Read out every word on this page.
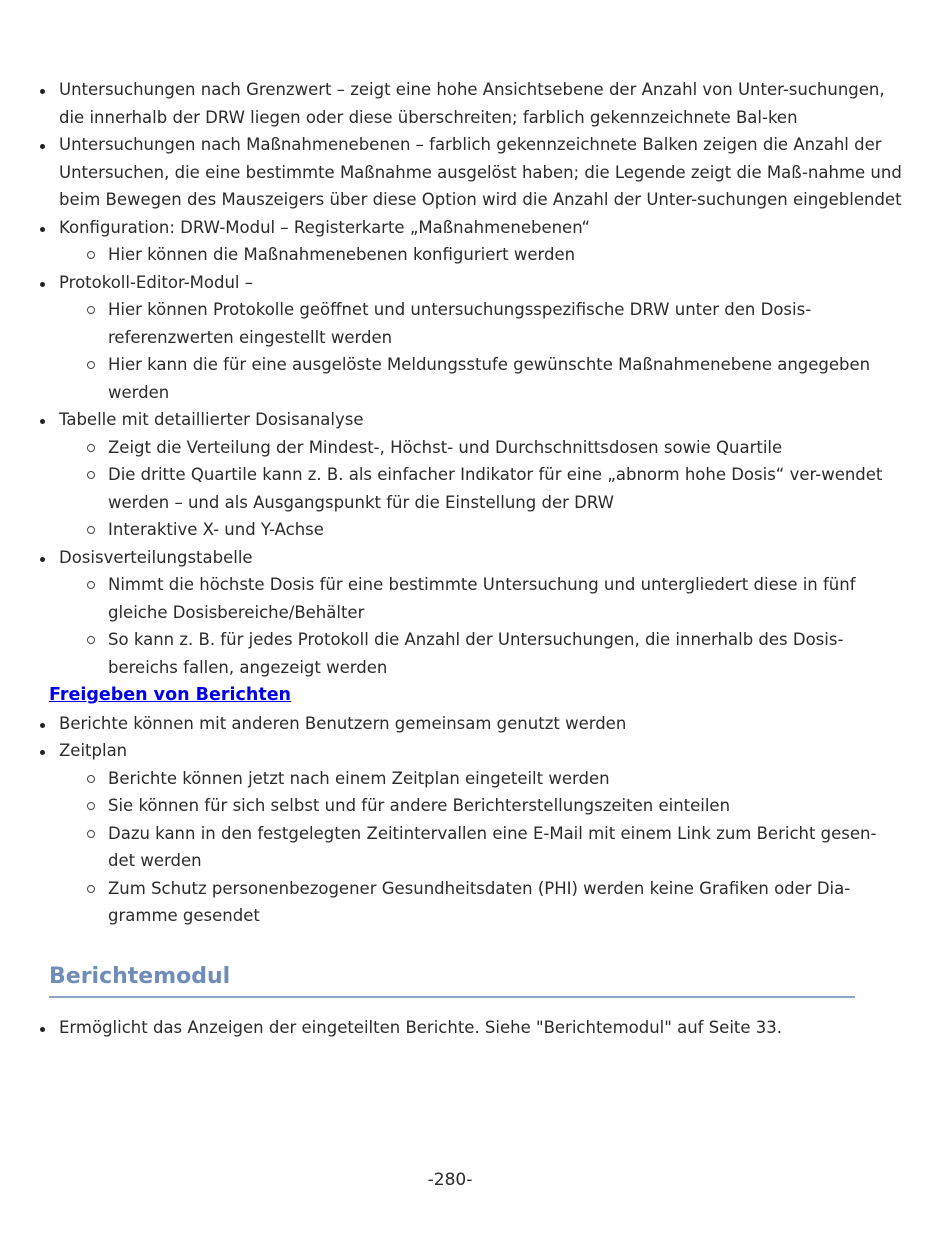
Untersuchungen nach Grenzwert – zeigt eine hohe Ansichtsebene der Anzahl von Unter-suchungen, die innerhalb der DRW liegen oder diese überschreiten; farblich gekennzeichnete Bal-ken
Untersuchungen nach Maßnahmenebenen – farblich gekennzeichnete Balken zeigen die Anzahl der Untersuchen, die eine bestimmte Maßnahme ausgelöst haben; die Legende zeigt die Maß-nahme und beim Bewegen des Mauszeigers über diese Option wird die Anzahl der Unter-suchungen eingeblendet
Konfiguration: DRW-Modul – Registerkarte „Maßnahmenebenen“
Hier können die Maßnahmenebenen konfiguriert werden
Protokoll-Editor-Modul –
Hier können Protokolle geöffnet und untersuchungsspezifische DRW unter den Dosis-referenzwerten eingestellt werden
Hier kann die für eine ausgelöste Meldungsstufe gewünschte Maßnahmenebene angegeben werden
Tabelle mit detaillierter Dosisanalyse
Zeigt die Verteilung der Mindest-, Höchst- und Durchschnittsdosen sowie Quartile
Die dritte Quartile kann z. B. als einfacher Indikator für eine „abnorm hohe Dosis“ ver-wendet werden – und als Ausgangspunkt für die Einstellung der DRW
Interaktive X- und Y-Achse
Dosisverteilungstabelle
Nimmt die höchste Dosis für eine bestimmte Untersuchung und untergliedert diese in fünf gleiche Dosisbereiche/Behälter
So kann z. B. für jedes Protokoll die Anzahl der Untersuchungen, die innerhalb des Dosis-bereichs fallen, angezeigt werden
Freigeben von Berichten
Berichte können mit anderen Benutzern gemeinsam genutzt werden
Zeitplan
Berichte können jetzt nach einem Zeitplan eingeteilt werden
Sie können für sich selbst und für andere Berichterstellungszeiten einteilen
Dazu kann in den festgelegten Zeitintervallen eine E-Mail mit einem Link zum Bericht gesen-det werden
Zum Schutz personenbezogener Gesundheitsdaten (PHI) werden keine Grafiken oder Dia-gramme gesendet
Berichtemodul
Ermöglicht das Anzeigen der eingeteilten Berichte. Siehe "Berichtemodul" auf Seite 33.
-280-
